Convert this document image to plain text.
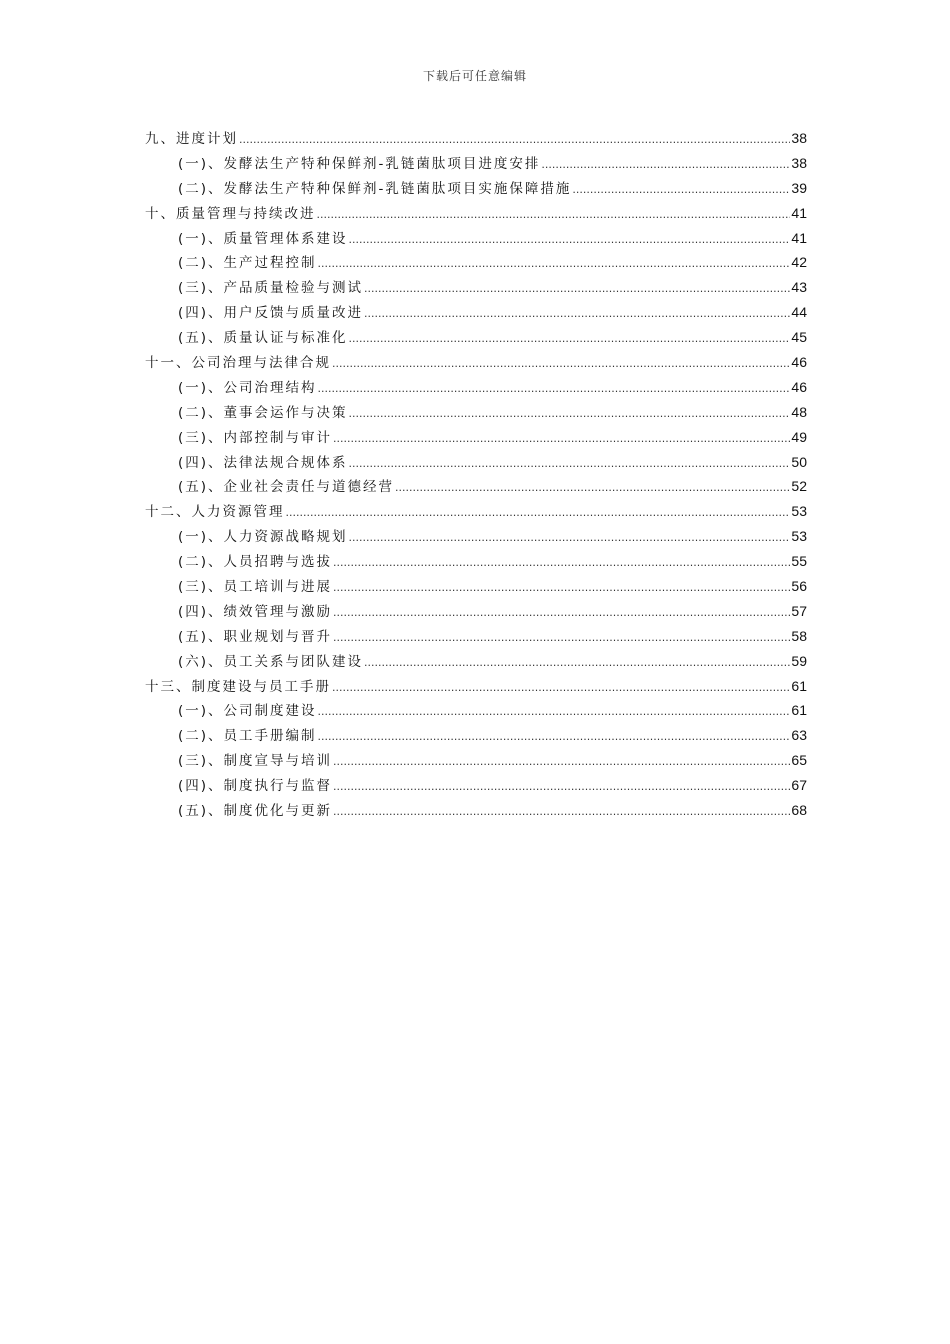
下载后可任意编辑
九、进度计划 .....	38
(一)、发酵法生产特种保鲜剂-乳链菌肽项目进度安排 .....	38
(二)、发酵法生产特种保鲜剂-乳链菌肽项目实施保障措施 .....	39
十、质量管理与持续改进 .....	41
(一)、质量管理体系建设 .....	41
(二)、生产过程控制 .....	42
(三)、产品质量检验与测试 .....	43
(四)、用户反馈与质量改进 .....	44
(五)、质量认证与标准化 .....	45
十一、公司治理与法律合规 .....	46
(一)、公司治理结构 .....	46
(二)、董事会运作与决策 .....	48
(三)、内部控制与审计 .....	49
(四)、法律法规合规体系 .....	50
(五)、企业社会责任与道德经营 .....	52
十二、人力资源管理 .....	53
(一)、人力资源战略规划 .....	53
(二)、人员招聘与选拔 .....	55
(三)、员工培训与进展 .....	56
(四)、绩效管理与激励 .....	57
(五)、职业规划与晋升 .....	58
(六)、员工关系与团队建设 .....	59
十三、制度建设与员工手册 .....	61
(一)、公司制度建设 .....	61
(二)、员工手册编制 .....	63
(三)、制度宣导与培训 .....	65
(四)、制度执行与监督 .....	67
(五)、制度优化与更新 .....	68
